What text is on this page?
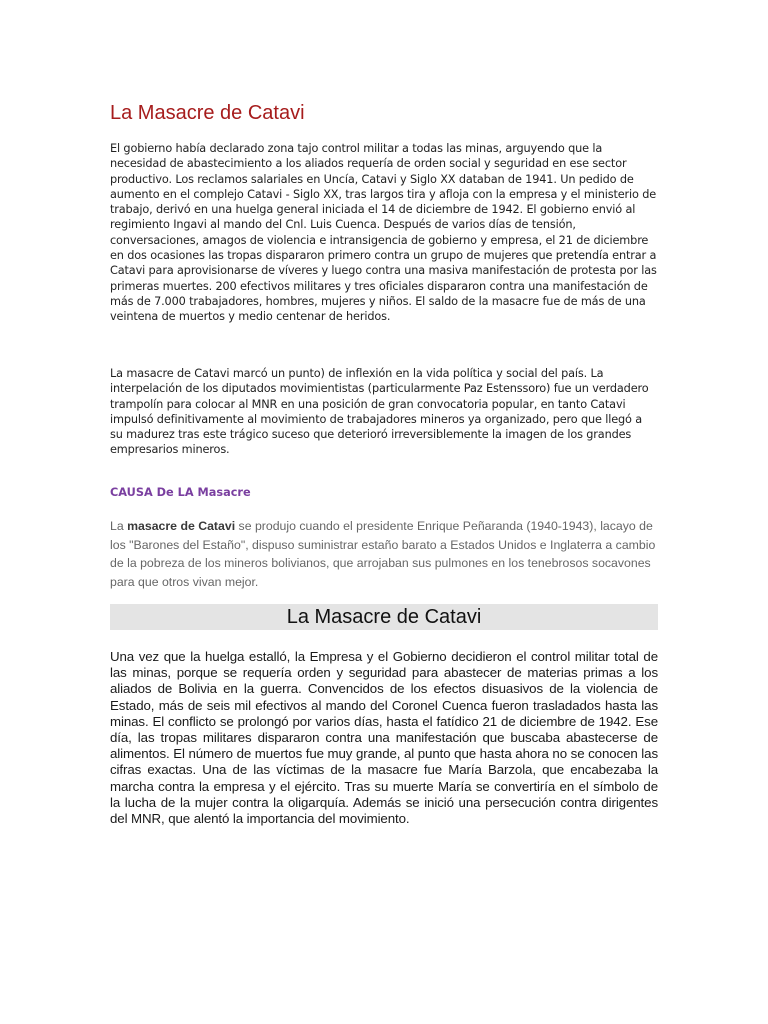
La Masacre de Catavi

El gobierno había declarado zona tajo control militar a todas las minas, arguyendo que la necesidad de abastecimiento a los aliados requería de orden social y seguridad en ese sector productivo. Los reclamos salariales en Uncía, Catavi y Siglo XX databan de 1941. Un pedido de aumento en el complejo Catavi - Siglo XX, tras largos tira y afloja con la empresa y el ministerio de trabajo, derivó en una huelga general iniciada el 14 de diciembre de 1942. El gobierno envió al regimiento Ingavi al mando del Cnl. Luis Cuenca. Después de varios días de tensión, conversaciones, amagos de violencia e intransigencia de gobierno y empresa, el 21 de diciembre en dos ocasiones las tropas dispararon primero contra un grupo de mujeres que pretendía entrar a Catavi para aprovisionarse de víveres y luego contra una masiva manifestación de protesta por las primeras muertes. 200 efectivos militares y tres oficiales dispararon contra una manifestación de más de 7.000 trabajadores, hombres, mujeres y niños. El saldo de la masacre fue de más de una veintena de muertos y medio centenar de heridos.

La masacre de Catavi marcó un punto) de inflexión en la vida política y social del país. La interpelación de los diputados movimientistas (particularmente Paz Estenssoro) fue un verdadero trampolín para colocar al MNR en una posición de gran convocatoria popular, en tanto Catavi impulsó definitivamente al movimiento de trabajadores mineros ya organizado, pero que llegó a su madurez tras este trágico suceso que deterioró irreversiblemente la imagen de los grandes empresarios mineros.

CAUSA De LA Masacre

La masacre de Catavi se produjo cuando el presidente Enrique Peñaranda (1940-1943), lacayo de los "Barones del Estaño", dispuso suministrar estaño barato a Estados Unidos e Inglaterra a cambio de la pobreza de los mineros bolivianos, que arrojaban sus pulmones en los tenebrosos socavones para que otros vivan mejor.

La Masacre de Catavi

Una vez que la huelga estalló, la Empresa y el Gobierno decidieron el control militar total de las minas, porque se requería orden y seguridad para abastecer de materias primas a los aliados de Bolivia en la guerra. Convencidos de los efectos disuasivos de la violencia de Estado, más de seis mil efectivos al mando del Coronel Cuenca fueron trasladados hasta las minas. El conflicto se prolongó por varios días, hasta el fatídico 21 de diciembre de 1942. Ese día, las tropas militares dispararon contra una manifestación que buscaba abastecerse de alimentos. El número de muertos fue muy grande, al punto que hasta ahora no se conocen las cifras exactas. Una de las víctimas de la masacre fue María Barzola, que encabezaba la marcha contra la empresa y el ejército. Tras su muerte María se convertiría en el símbolo de la lucha de la mujer contra la oligarquía. Además se inició una persecución contra dirigentes del MNR, que alentó la importancia del movimiento.
